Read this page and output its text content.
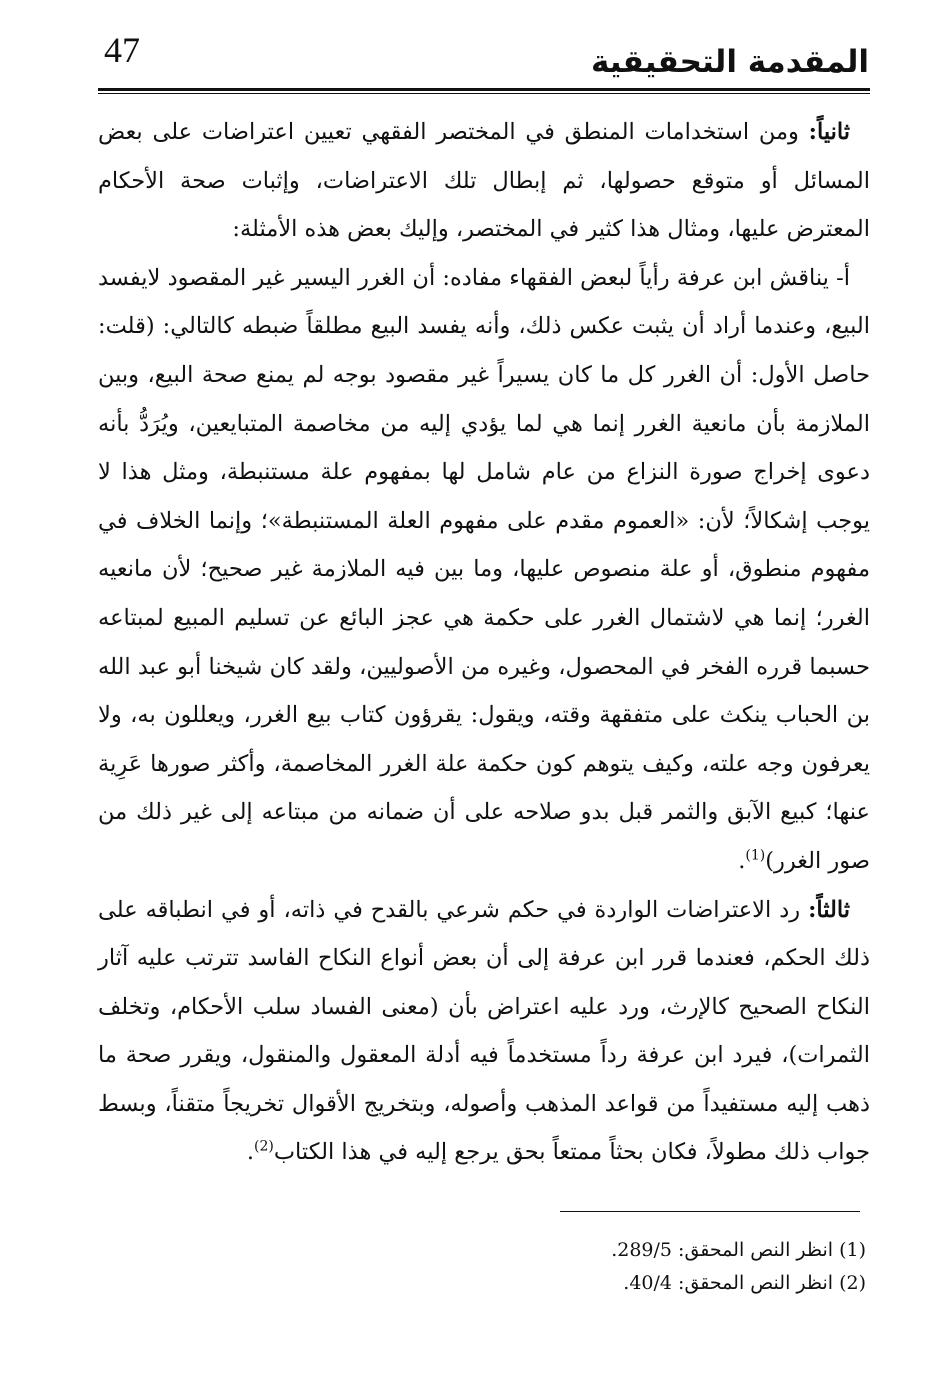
47	المقدمة التحقيقية

ثانياً: ومن استخدامات المنطق في المختصر الفقهي تعيين اعتراضات على بعض المسائل أو متوقع حصولها، ثم إبطال تلك الاعتراضات، وإثبات صحة الأحكام المعترض عليها، ومثال هذا كثير في المختصر، وإليك بعض هذه الأمثلة:

أ- يناقش ابن عرفة رأياً لبعض الفقهاء مفاده: أن الغرر اليسير غير المقصود لايفسد البيع، وعندما أراد أن يثبت عكس ذلك، وأنه يفسد البيع مطلقاً ضبطه كالتالي: (قلت: حاصل الأول: أن الغرر كل ما كان يسيراً غير مقصود بوجه لم يمنع صحة البيع، وبين الملازمة بأن مانعية الغرر إنما هي لما يؤدي إليه من مخاصمة المتبايعين، ويُرَدُّ بأنه دعوى إخراج صورة النزاع من عام شامل لها بمفهوم علة مستنبطة، ومثل هذا لا يوجب إشكالاً؛ لأن: «العموم مقدم على مفهوم العلة المستنبطة»؛ وإنما الخلاف في مفهوم منطوق، أو علة منصوص عليها، وما بين فيه الملازمة غير صحيح؛ لأن مانعيه الغرر؛ إنما هي لاشتمال الغرر على حكمة هي عجز البائع عن تسليم المبيع لمبتاعه حسبما قرره الفخر في المحصول، وغيره من الأصوليين، ولقد كان شيخنا أبو عبد الله بن الحباب ينكث على متفقهة وقته، ويقول: يقرؤون كتاب بيع الغرر، ويعللون به، ولا يعرفون وجه علته، وكيف يتوهم كون حكمة علة الغرر المخاصمة، وأكثر صورها عَرِية عنها؛ كبيع الآبق والثمر قبل بدو صلاحه على أن ضمانه من مبتاعه إلى غير ذلك من صور الغرر)$^{(1)}$.

ثالثاً: رد الاعتراضات الواردة في حكم شرعي بالقدح في ذاته، أو في انطباقه على ذلك الحكم، فعندما قرر ابن عرفة إلى أن بعض أنواع النكاح الفاسد تترتب عليه آثار النكاح الصحيح كالإرث، ورد عليه اعتراض بأن (معنى الفساد سلب الأحكام، وتخلف الثمرات)، فيرد ابن عرفة رداً مستخدماً فيه أدلة المعقول والمنقول، ويقرر صحة ما ذهب إليه مستفيداً من قواعد المذهب وأصوله، وبتخريج الأقوال تخريجاً متقناً، وبسط جواب ذلك مطولاً، فكان بحثاً ممتعاً بحق يرجع إليه في هذا الكتاب$^{(2)}$.

(1) انظر النص المحقق: 289/5.
(2) انظر النص المحقق: 40/4.
